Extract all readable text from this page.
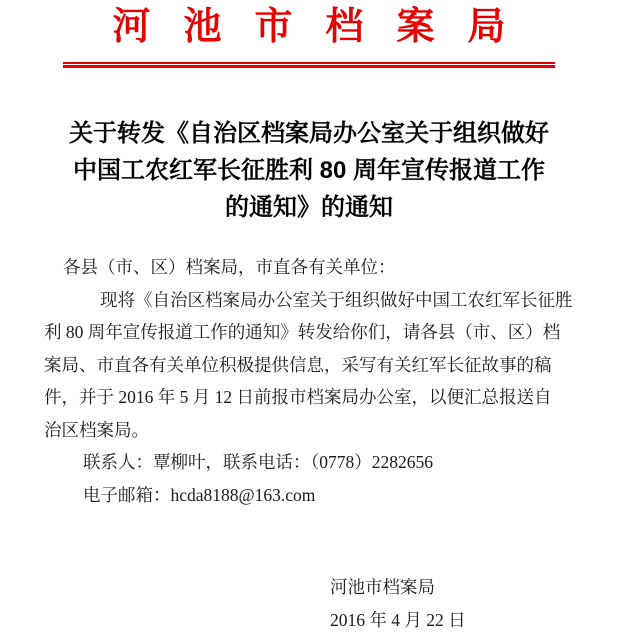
河池市档案局
关于转发《自治区档案局办公室关于组织做好
中国工农红军长征胜利 80 周年宣传报道工作
的通知》的通知

各县（市、区）档案局，市直各有关单位：

现将《自治区档案局办公室关于组织做好中国工农红军长征胜

利 80 周年宣传报道工作的通知》转发给你们，请各县（市、区）档

案局、市直各有关单位积极提供信息，采写有关红军长征故事的稿

件，并于 2016 年 5 月 12 日前报市档案局办公室，以便汇总报送自

治区档案局。

联系人：覃柳叶，联系电话：（0778）2282656

电子邮箱：hcda8188@163.com

河池市档案局
2016 年 4 月 22 日
